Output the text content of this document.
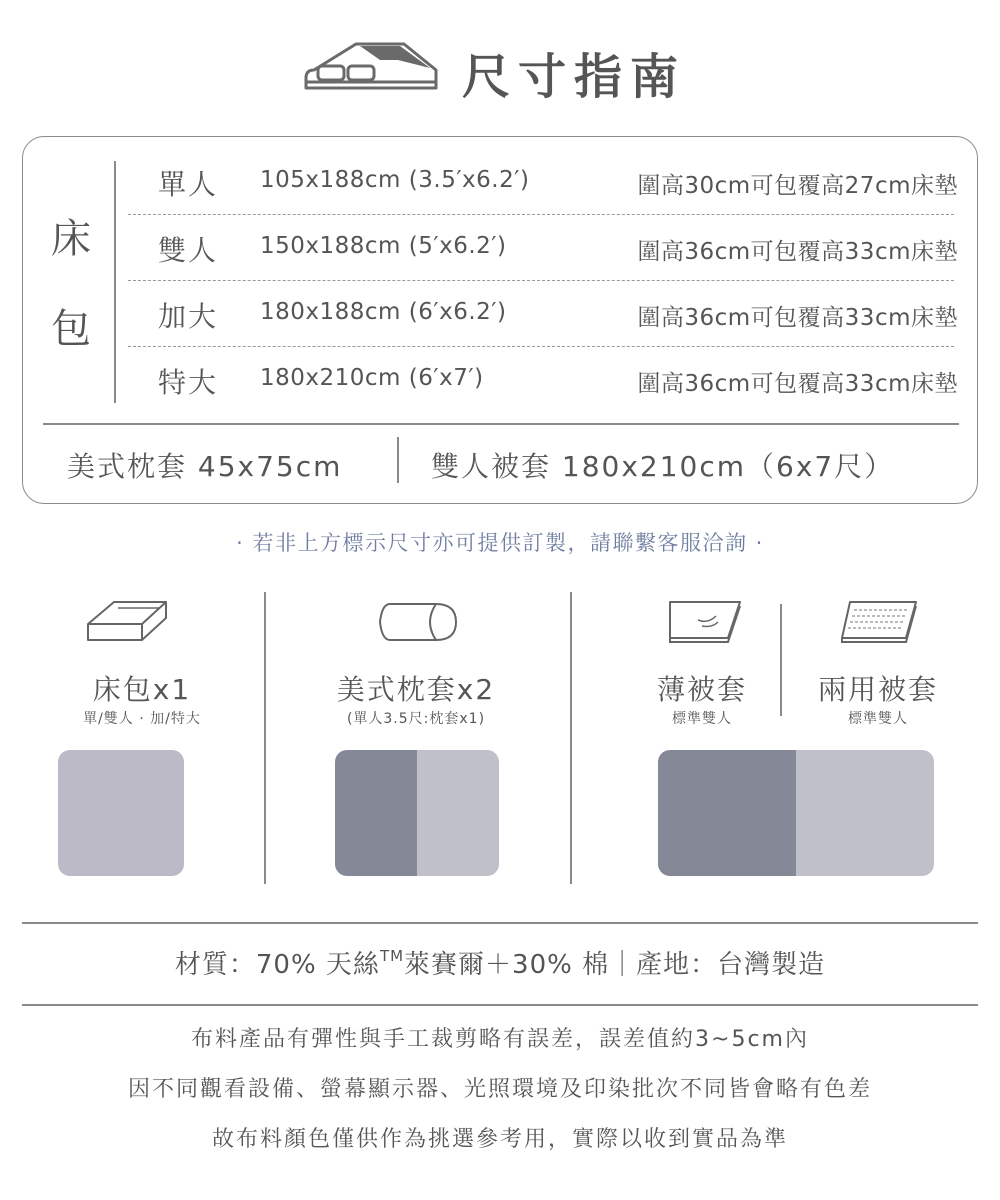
尺寸指南
床
包
單人 105x188cm (3.5′x6.2′)	圍高30cm可包覆高27cm床墊
雙人 150x188cm (5′x6.2′)	圍高36cm可包覆高33cm床墊
加大 180x188cm (6′x6.2′)	圍高36cm可包覆高33cm床墊
特大 180x210cm (6′x7′)	圍高36cm可包覆高33cm床墊
美式枕套 45x75cm	雙人被套 180x210cm（6x7尺）
· 若非上方標示尺寸亦可提供訂製，請聯繫客服洽詢 ·
床包x1
單/雙人 · 加/特大
美式枕套x2
(單人3.5尺:枕套x1)
薄被套
標準雙人
兩用被套
標準雙人
材質：70% 天絲™萊賽爾＋30% 棉｜產地：台灣製造
布料產品有彈性與手工裁剪略有誤差，誤差值約3~5cm內
因不同觀看設備、螢幕顯示器、光照環境及印染批次不同皆會略有色差
故布料顏色僅供作為挑選參考用，實際以收到實品為準
